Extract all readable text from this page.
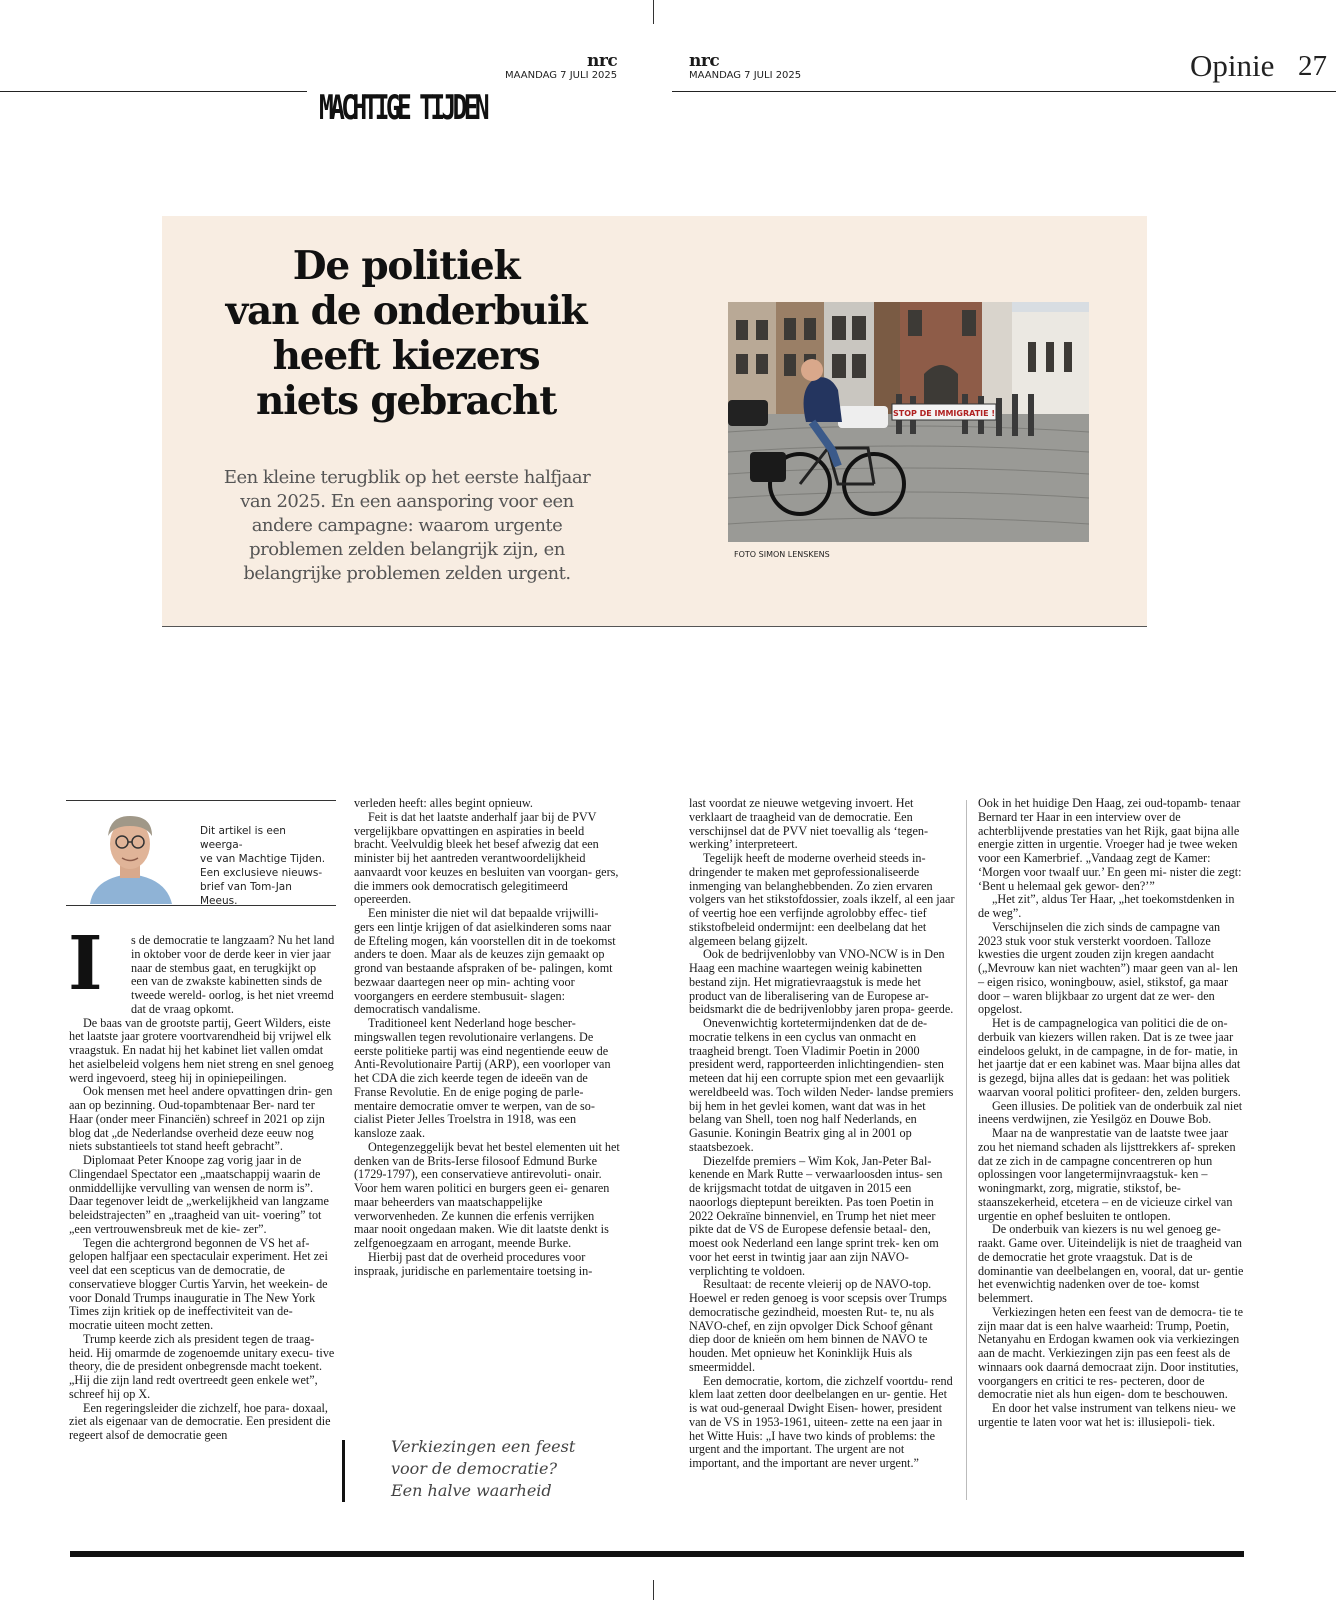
nrc
MAANDAG 7 JULI 2025
nrc
MAANDAG 7 JULI 2025	Opinie 27
MACHTIGE TIJDEN
De politiek
van de onderbuik
heeft kiezers
niets gebracht
Een kleine terugblik op het eerste halfjaar
van 2025. En een aansporing voor een
andere campagne: waarom urgente
problemen zelden belangrijk zijn, en
belangrijke problemen zelden urgent.
STOP DE IMMIGRATIE !
FOTO SIMON LENSKENS
Dit artikel is een weerga-
ve van Machtige Tijden.
Een exclusieve nieuws-
brief van Tom-Jan
Meeus.
I s de democratie te langzaam? Nu het land in oktober voor de derde keer in vier jaar naar de stembus gaat, en terugkijkt op een van de zwakste kabinetten sinds de tweede wereld- oorlog, is het niet vreemd dat de vraag opkomt.

De baas van de grootste partij, Geert Wilders, eiste het laatste jaar grotere voortvarendheid bij vrijwel elk vraagstuk. En nadat hij het kabinet liet vallen omdat het asielbeleid volgens hem niet streng en snel genoeg werd ingevoerd, steeg hij in opiniepeilingen.

Ook mensen met heel andere opvattingen drin- gen aan op bezinning. Oud-topambtenaar Ber- nard ter Haar (onder meer Financiën) schreef in 2021 op zijn blog dat „de Nederlandse overheid deze eeuw nog niets substantieels tot stand heeft gebracht”.

Diplomaat Peter Knoope zag vorig jaar in de Clingendael Spectator een „maatschappij waarin de onmiddellijke vervulling van wensen de norm is”. Daar tegenover leidt de „werkelijkheid van langzame beleidstrajecten” en „traagheid van uit- voering” tot „een vertrouwensbreuk met de kie- zer”.

Tegen die achtergrond begonnen de VS het af- gelopen halfjaar een spectaculair experiment. Het zei veel dat een scepticus van de democratie, de conservatieve blogger Curtis Yarvin, het weekein- de voor Donald Trumps inauguratie in The New York Times zijn kritiek op de ineffectiviteit van de- mocratie uiteen mocht zetten.

Trump keerde zich als president tegen de traag- heid. Hij omarmde de zogenoemde unitary execu- tive theory, die de president onbegrensde macht toekent. „Hij die zijn land redt overtreedt geen enkele wet”, schreef hij op X.

Een regeringsleider die zichzelf, hoe para- doxaal, ziet als eigenaar van de democratie. Een president die regeert alsof de democratie geen

verleden heeft: alles begint opnieuw.

Feit is dat het laatste anderhalf jaar bij de PVV vergelijkbare opvattingen en aspiraties in beeld bracht. Veelvuldig bleek het besef afwezig dat een minister bij het aantreden verantwoordelijkheid aanvaardt voor keuzes en besluiten van voorgan- gers, die immers ook democratisch gelegitimeerd opereerden.

Een minister die niet wil dat bepaalde vrijwilli- gers een lintje krijgen of dat asielkinderen soms naar de Efteling mogen, kán voorstellen dit in de toekomst anders te doen. Maar als de keuzes zijn gemaakt op grond van bestaande afspraken of be- palingen, komt bezwaar daartegen neer op min- achting voor voorgangers en eerdere stembusuit- slagen: democratisch vandalisme.

Traditioneel kent Nederland hoge bescher- mingswallen tegen revolutionaire verlangens. De eerste politieke partij was eind negentiende eeuw de Anti-Revolutionaire Partij (ARP), een voorloper van het CDA die zich keerde tegen de ideeën van de Franse Revolutie. En de enige poging de parle- mentaire democratie omver te werpen, van de so- cialist Pieter Jelles Troelstra in 1918, was een kansloze zaak.

Ontegenzeggelijk bevat het bestel elementen uit het denken van de Brits-Ierse filosoof Edmund Burke (1729-1797), een conservatieve antirevoluti- onair. Voor hem waren politici en burgers geen ei- genaren maar beheerders van maatschappelijke verworvenheden. Ze kunnen die erfenis verrijken maar nooit ongedaan maken. Wie dit laatste denkt is zelfgenoegzaam en arrogant, meende Burke.

Hierbij past dat de overheid procedures voor inspraak, juridische en parlementaire toetsing in-

Verkiezingen een feest
voor de democratie?
Een halve waarheid

last voordat ze nieuwe wetgeving invoert. Het verklaart de traagheid van de democratie. Een verschijnsel dat de PVV niet toevallig als ‘tegen- werking’ interpreteert.

Tegelijk heeft de moderne overheid steeds in- dringender te maken met geprofessionaliseerde inmenging van belanghebbenden. Zo zien ervaren volgers van het stikstofdossier, zoals ikzelf, al een jaar of veertig hoe een verfijnde agrolobby effec- tief stikstofbeleid ondermijnt: een deelbelang dat het algemeen belang gijzelt.

Ook de bedrijvenlobby van VNO-NCW is in Den Haag een machine waartegen weinig kabinetten bestand zijn. Het migratievraagstuk is mede het product van de liberalisering van de Europese ar- beidsmarkt die de bedrijvenlobby jaren propa- geerde.

Onevenwichtig kortetermijndenken dat de de- mocratie telkens in een cyclus van onmacht en traagheid brengt. Toen Vladimir Poetin in 2000 president werd, rapporteerden inlichtingendien- sten meteen dat hij een corrupte spion met een gevaarlijk wereldbeeld was. Toch wilden Neder- landse premiers bij hem in het gevlei komen, want dat was in het belang van Shell, toen nog half Nederlands, en Gasunie. Koningin Beatrix ging al in 2001 op staatsbezoek.

Diezelfde premiers – Wim Kok, Jan-Peter Bal- kenende en Mark Rutte – verwaarloosden intus- sen de krijgsmacht totdat de uitgaven in 2015 een naoorlogs dieptepunt bereikten. Pas toen Poetin in 2022 Oekraïne binnenviel, en Trump het niet meer pikte dat de VS de Europese defensie betaal- den, moest ook Nederland een lange sprint trek- ken om voor het eerst in twintig jaar aan zijn NAVO-verplichting te voldoen.

Resultaat: de recente vleierij op de NAVO-top. Hoewel er reden genoeg is voor scepsis over Trumps democratische gezindheid, moesten Rut- te, nu als NAVO-chef, en zijn opvolger Dick Schoof gênant diep door de knieën om hem binnen de NAVO te houden. Met opnieuw het Koninklijk Huis als smeermiddel.

Een democratie, kortom, die zichzelf voortdu- rend klem laat zetten door deelbelangen en ur- gentie. Het is wat oud-generaal Dwight Eisen- hower, president van de VS in 1953-1961, uiteen- zette na een jaar in het Witte Huis: „I have two kinds of problems: the urgent and the important. The urgent are not important, and the important are never urgent.”

Ook in het huidige Den Haag, zei oud-topamb- tenaar Bernard ter Haar in een interview over de achterblijvende prestaties van het Rijk, gaat bijna alle energie zitten in urgentie. Vroeger had je twee weken voor een Kamerbrief. „Vandaag zegt de Kamer: ‘Morgen voor twaalf uur.’ En geen mi- nister die zegt: ‘Bent u helemaal gek gewor- den?’”

„Het zit”, aldus Ter Haar, „het toekomstdenken in de weg”.

Verschijnselen die zich sinds de campagne van 2023 stuk voor stuk versterkt voordoen. Talloze kwesties die urgent zouden zijn kregen aandacht („Mevrouw kan niet wachten”) maar geen van al- len – eigen risico, woningbouw, asiel, stikstof, ga maar door – waren blijkbaar zo urgent dat ze wer- den opgelost.

Het is de campagnelogica van politici die de on- derbuik van kiezers willen raken. Dat is ze twee jaar eindeloos gelukt, in de campagne, in de for- matie, in het jaartje dat er een kabinet was. Maar bijna alles dat is gezegd, bijna alles dat is gedaan: het was politiek waarvan vooral politici profiteer- den, zelden burgers.

Geen illusies. De politiek van de onderbuik zal niet ineens verdwijnen, zie Yesilgöz en Douwe Bob.

Maar na de wanprestatie van de laatste twee jaar zou het niemand schaden als lijsttrekkers af- spreken dat ze zich in de campagne concentreren op hun oplossingen voor langetermijnvraagstuk- ken – woningmarkt, zorg, migratie, stikstof, be- staanszekerheid, etcetera – en de vicieuze cirkel van urgentie en ophef besluiten te ontlopen.

De onderbuik van kiezers is nu wel genoeg ge- raakt. Game over. Uiteindelijk is niet de traagheid van de democratie het grote vraagstuk. Dat is de dominantie van deelbelangen en, vooral, dat ur- gentie het evenwichtig nadenken over de toe- komst belemmert.

Verkiezingen heten een feest van de democra- tie te zijn maar dat is een halve waarheid: Trump, Poetin, Netanyahu en Erdogan kwamen ook via verkiezingen aan de macht. Verkiezingen zijn pas een feest als de winnaars ook daarná democraat zijn. Door instituties, voorgangers en critici te res- pecteren, door de democratie niet als hun eigen- dom te beschouwen.

En door het valse instrument van telkens nieu- we urgentie te laten voor wat het is: illusiepoli- tiek.
